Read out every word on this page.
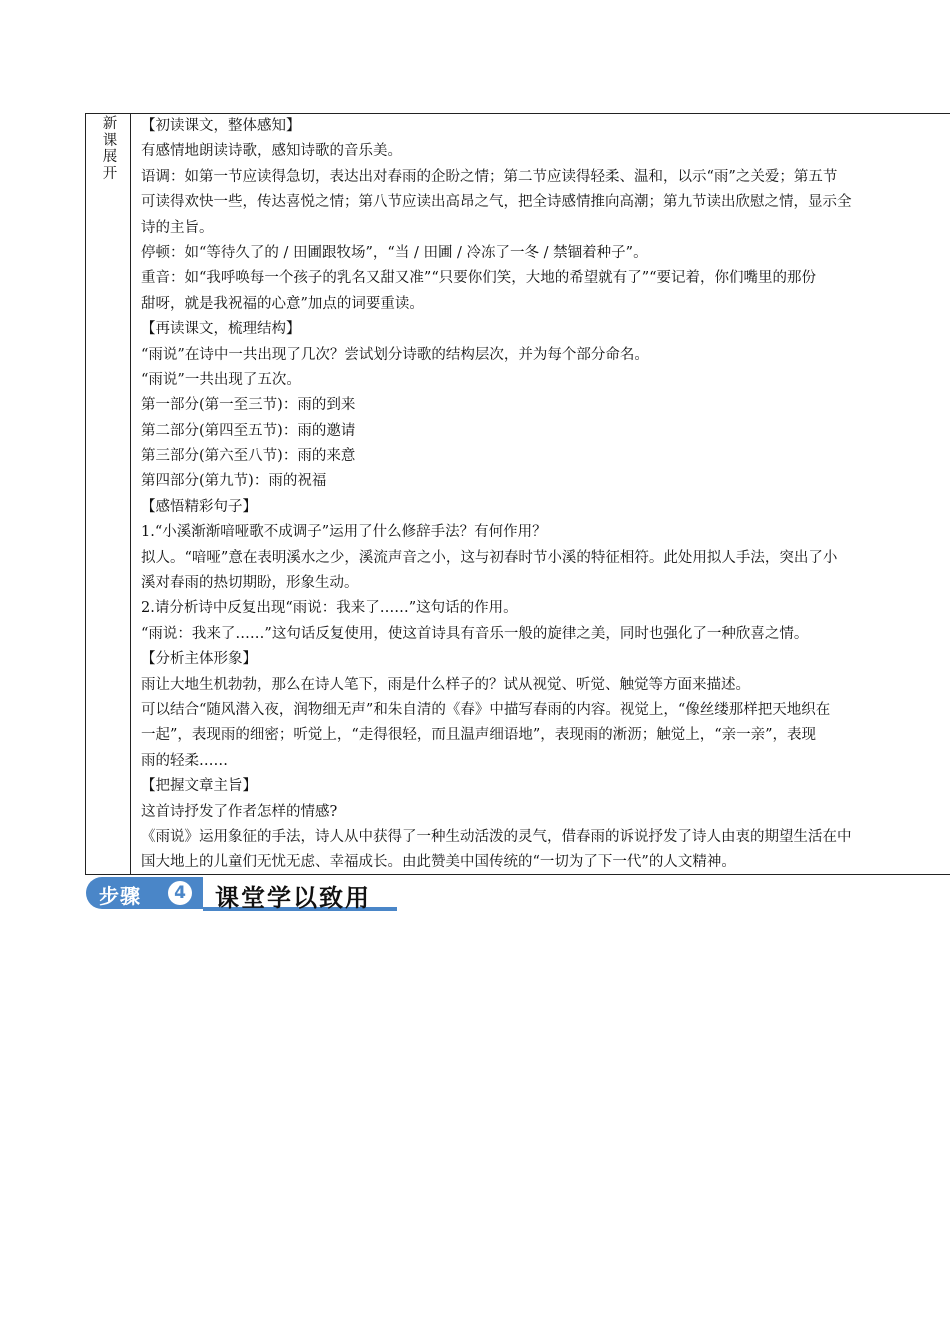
新课展开
【初读课文，整体感知】
有感情地朗读诗歌，感知诗歌的音乐美。
语调：如第一节应读得急切，表达出对春雨的企盼之情；第二节应读得轻柔、温和，以示“雨”之关爱；第五节
可读得欢快一些，传达喜悦之情；第八节应读出高昂之气，把全诗感情推向高潮；第九节读出欣慰之情，显示全
诗的主旨。
停顿：如“等待久了的 / 田圃跟牧场”，“当 / 田圃 / 冷冻了一冬 / 禁锢着种子”。
重音：如“我呼唤每一个孩子的乳名又甜又准”“只要你们笑，大地的希望就有了”“要记着，你们嘴里的那份
甜呀，就是我祝福的心意”加点的词要重读。
【再读课文，梳理结构】
“雨说”在诗中一共出现了几次？尝试划分诗歌的结构层次，并为每个部分命名。
“雨说”一共出现了五次。
第一部分(第一至三节)：雨的到来
第二部分(第四至五节)：雨的邀请
第三部分(第六至八节)：雨的来意
第四部分(第九节)：雨的祝福
【感悟精彩句子】
1.“小溪渐渐喑哑歌不成调子”运用了什么修辞手法？有何作用？
拟人。“喑哑”意在表明溪水之少，溪流声音之小，这与初春时节小溪的特征相符。此处用拟人手法，突出了小
溪对春雨的热切期盼，形象生动。
2.请分析诗中反复出现“雨说：我来了……”这句话的作用。
“雨说：我来了……”这句话反复使用，使这首诗具有音乐一般的旋律之美，同时也强化了一种欣喜之情。
【分析主体形象】
雨让大地生机勃勃，那么在诗人笔下，雨是什么样子的？试从视觉、听觉、触觉等方面来描述。
可以结合“随风潜入夜，润物细无声”和朱自清的《春》中描写春雨的内容。视觉上，“像丝缕那样把天地织在
一起”，表现雨的细密；听觉上，“走得很轻，而且温声细语地”，表现雨的淅沥；触觉上，“亲一亲”，表现
雨的轻柔……
【把握文章主旨】
这首诗抒发了作者怎样的情感?
《雨说》运用象征的手法，诗人从中获得了一种生动活泼的灵气，借春雨的诉说抒发了诗人由衷的期望生活在中
国大地上的儿童们无忧无虑、幸福成长。由此赞美中国传统的“一切为了下一代”的人文精神。
步骤	4 课堂学以致用
